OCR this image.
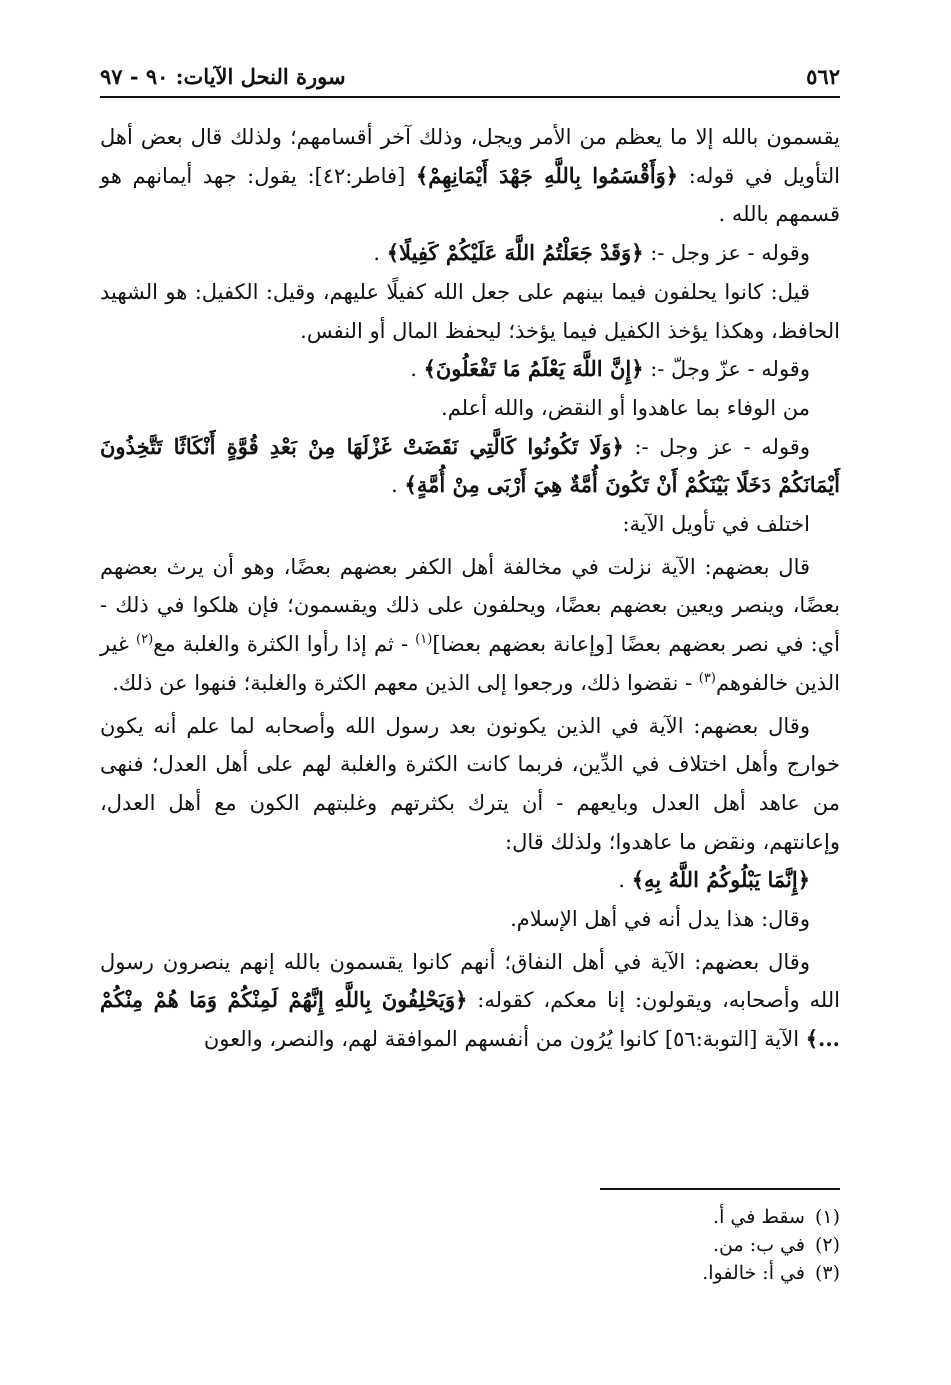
٥٦٢
سورة النحل الآيات: ٩٠ - ٩٧

يقسمون بالله إلا ما يعظم من الأمر ويجل، وذلك آخر أقسامهم؛ ولذلك قال بعض أهل التأويل في قوله: ﴿وَأَقْسَمُوا بِاللَّهِ جَهْدَ أَيْمَانِهِمْ﴾ [فاطر:٤٢]: يقول: جهد أيمانهم هو قسمهم بالله .

وقوله - عز وجل -: ﴿وَقَدْ جَعَلْتُمُ اللَّهَ عَلَيْكُمْ كَفِيلًا﴾ .

قيل: كانوا يحلفون فيما بينهم على جعل الله كفيلًا عليهم، وقيل: الكفيل: هو الشهيد الحافظ، وهكذا يؤخذ الكفيل فيما يؤخذ؛ ليحفظ المال أو النفس.

وقوله - عزّ وجلّ -: ﴿إِنَّ اللَّهَ يَعْلَمُ مَا تَفْعَلُونَ﴾ .

من الوفاء بما عاهدوا أو النقض، والله أعلم.

وقوله - عز وجل -: ﴿وَلَا تَكُونُوا كَالَّتِي نَقَضَتْ غَزْلَهَا مِنْ بَعْدِ قُوَّةٍ أَنْكَاثًا تَتَّخِذُونَ أَيْمَانَكُمْ دَخَلًا بَيْنَكُمْ أَنْ تَكُونَ أُمَّةٌ هِيَ أَرْبَى مِنْ أُمَّةٍ﴾ .

اختلف في تأويل الآية:

قال بعضهم: الآية نزلت في مخالفة أهل الكفر بعضهم بعضًا، وهو أن يرث بعضهم بعضًا، وينصر ويعين بعضهم بعضًا، ويحلفون على ذلك ويقسمون؛ فإن هلكوا في ذلك - أي: في نصر بعضهم بعضًا [وإعانة بعضهم بعضا]$^{(١)}$ - ثم إذا رأوا الكثرة والغلبة مع$^{(٢)}$ غير الذين خالفوهم$^{(٣)}$ - نقضوا ذلك، ورجعوا إلى الذين معهم الكثرة والغلبة؛ فنهوا عن ذلك.

وقال بعضهم: الآية في الذين يكونون بعد رسول الله وأصحابه لما علم أنه يكون خوارج وأهل اختلاف في الدِّين، فربما كانت الكثرة والغلبة لهم على أهل العدل؛ فنهى من عاهد أهل العدل وبايعهم - أن يترك بكثرتهم وغلبتهم الكون مع أهل العدل، وإعانتهم، ونقض ما عاهدوا؛ ولذلك قال:

﴿إِنَّمَا يَبْلُوكُمُ اللَّهُ بِهِ﴾ .

وقال: هذا يدل أنه في أهل الإسلام.

وقال بعضهم: الآية في أهل النفاق؛ أنهم كانوا يقسمون بالله إنهم ينصرون رسول الله وأصحابه، ويقولون: إنا معكم، كقوله: ﴿وَيَحْلِفُونَ بِاللَّهِ إِنَّهُمْ لَمِنْكُمْ وَمَا هُمْ مِنْكُمْ ...﴾ الآية [التوبة:٥٦] كانوا يُرُون من أنفسهم الموافقة لهم، والنصر، والعون

(١)سقط في أ.
(٢)في ب: من.
(٣)في أ: خالفوا.
